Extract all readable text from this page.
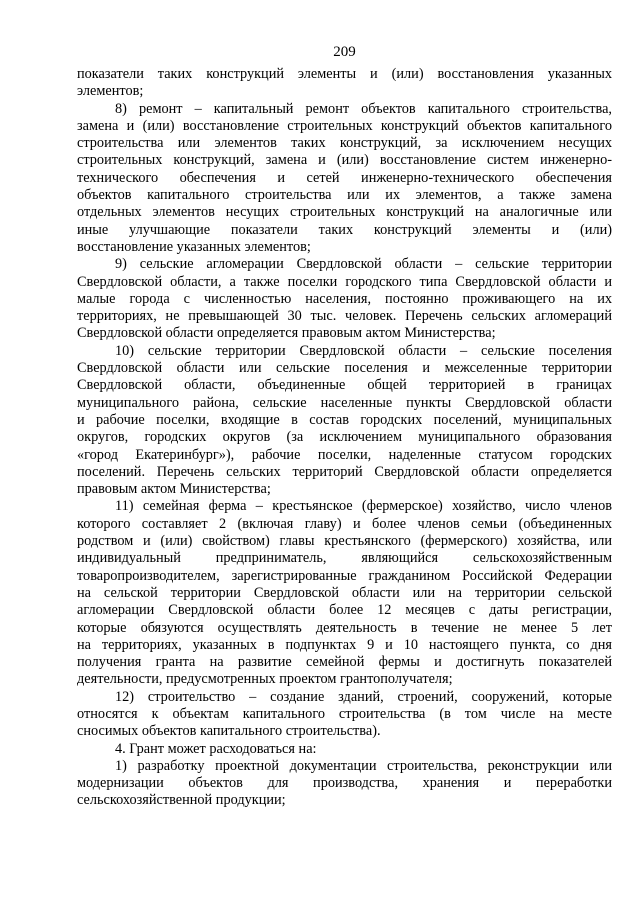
209
показатели таких конструкций элементы и (или) восстановления указанных
элементов;
8) ремонт – капитальный ремонт объектов капитального строительства,
замена и (или) восстановление строительных конструкций объектов капитального
строительства или элементов таких конструкций, за исключением несущих
строительных конструкций, замена и (или) восстановление систем инженерно-
технического обеспечения и сетей инженерно-технического обеспечения
объектов капитального строительства или их элементов, а также замена
отдельных элементов несущих строительных конструкций на аналогичные или
иные улучшающие показатели таких конструкций элементы и (или)
восстановление указанных элементов;
9) сельские агломерации Свердловской области – сельские территории
Свердловской области, а также поселки городского типа Свердловской области и
малые города с численностью населения, постоянно проживающего на их
территориях, не превышающей 30 тыс. человек. Перечень сельских агломераций
Свердловской области определяется правовым актом Министерства;
10) сельские территории Свердловской области – сельские поселения
Свердловской области или сельские поселения и межселенные территории
Свердловской области, объединенные общей территорией в границах
муниципального района, сельские населенные пункты Свердловской области
и рабочие поселки, входящие в состав городских поселений, муниципальных
округов, городских округов (за исключением муниципального образования
«город Екатеринбург»), рабочие поселки, наделенные статусом городских
поселений. Перечень сельских территорий Свердловской области определяется
правовым актом Министерства;
11) семейная ферма – крестьянское (фермерское) хозяйство, число членов
которого составляет 2 (включая главу) и более членов семьи (объединенных
родством и (или) свойством) главы крестьянского (фермерского) хозяйства, или
индивидуальный предприниматель, являющийся сельскохозяйственным
товаропроизводителем, зарегистрированные гражданином Российской Федерации
на сельской территории Свердловской области или на территории сельской
агломерации Свердловской области более 12 месяцев с даты регистрации,
которые обязуются осуществлять деятельность в течение не менее 5 лет
на территориях, указанных в подпунктах 9 и 10 настоящего пункта, со дня
получения гранта на развитие семейной фермы и достигнуть показателей
деятельности, предусмотренных проектом грантополучателя;
12) строительство – создание зданий, строений, сооружений, которые
относятся к объектам капитального строительства (в том числе на месте
сносимых объектов капитального строительства).
4. Грант может расходоваться на:
1) разработку проектной документации строительства, реконструкции или
модернизации объектов для производства, хранения и переработки
сельскохозяйственной продукции;
